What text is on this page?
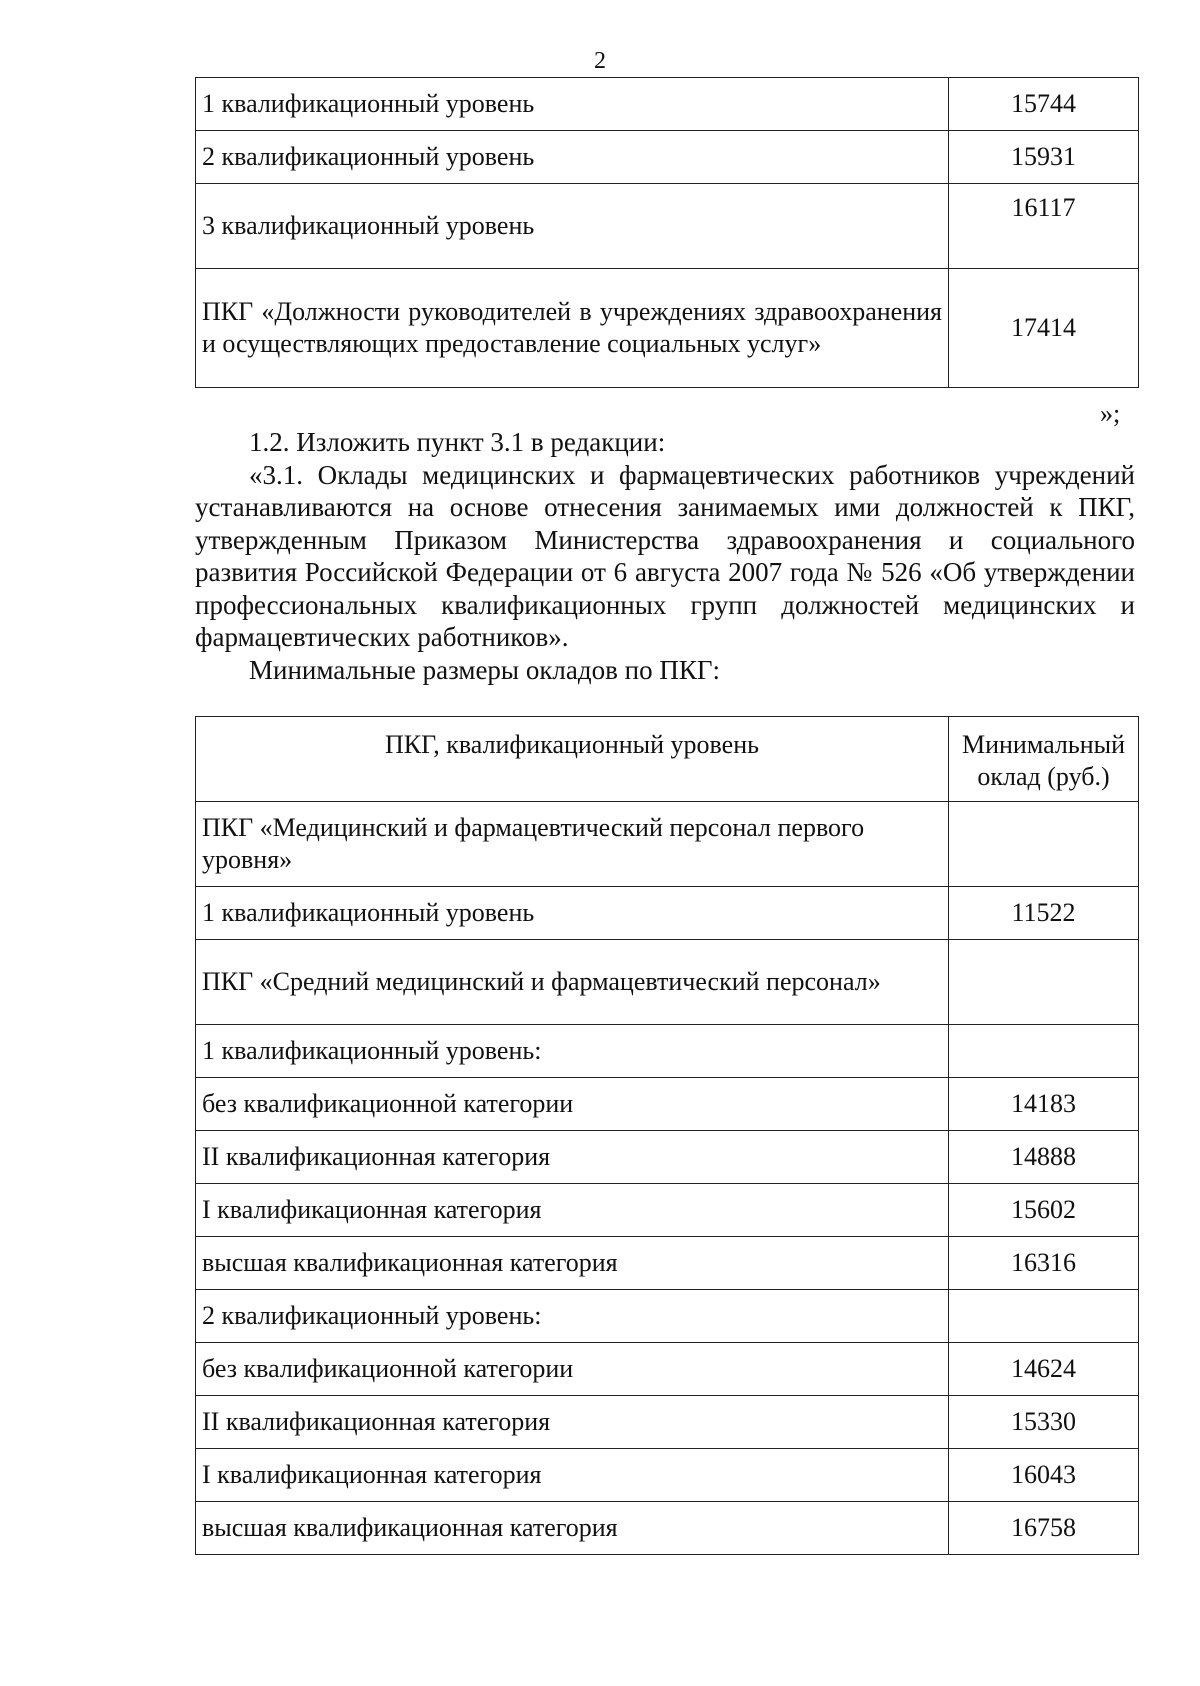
2
1 квалификационный уровень	15744
2 квалификационный уровень	15931
3 квалификационный уровень	16117
ПКГ «Должности руководителей в учреждениях здравоохранения и осуществляющих предоставление социальных услуг»	17414
»;

1.2. Изложить пункт 3.1 в редакции:

«3.1. Оклады медицинских и фармацевтических работников учреждений устанавливаются на основе отнесения занимаемых ими должностей к ПКГ, утвержденным Приказом Министерства здравоохранения и социального развития Российской Федерации от 6 августа 2007 года № 526 «Об утверждении профессиональных квалификационных групп должностей медицинских и фармацевтических работников».

Минимальные размеры окладов по ПКГ:

ПКГ, квалификационный уровень	Минимальный
оклад (руб.)
ПКГ «Медицинский и фармацевтический персонал первого уровня»	
1 квалификационный уровень	11522
ПКГ «Средний медицинский и фармацевтический персонал»	
1 квалификационный уровень:	
без квалификационной категории	14183
II квалификационная категория	14888
I квалификационная категория	15602
высшая квалификационная категория	16316
2 квалификационный уровень:	
без квалификационной категории	14624
II квалификационная категория	15330
I квалификационная категория	16043
высшая квалификационная категория	16758
